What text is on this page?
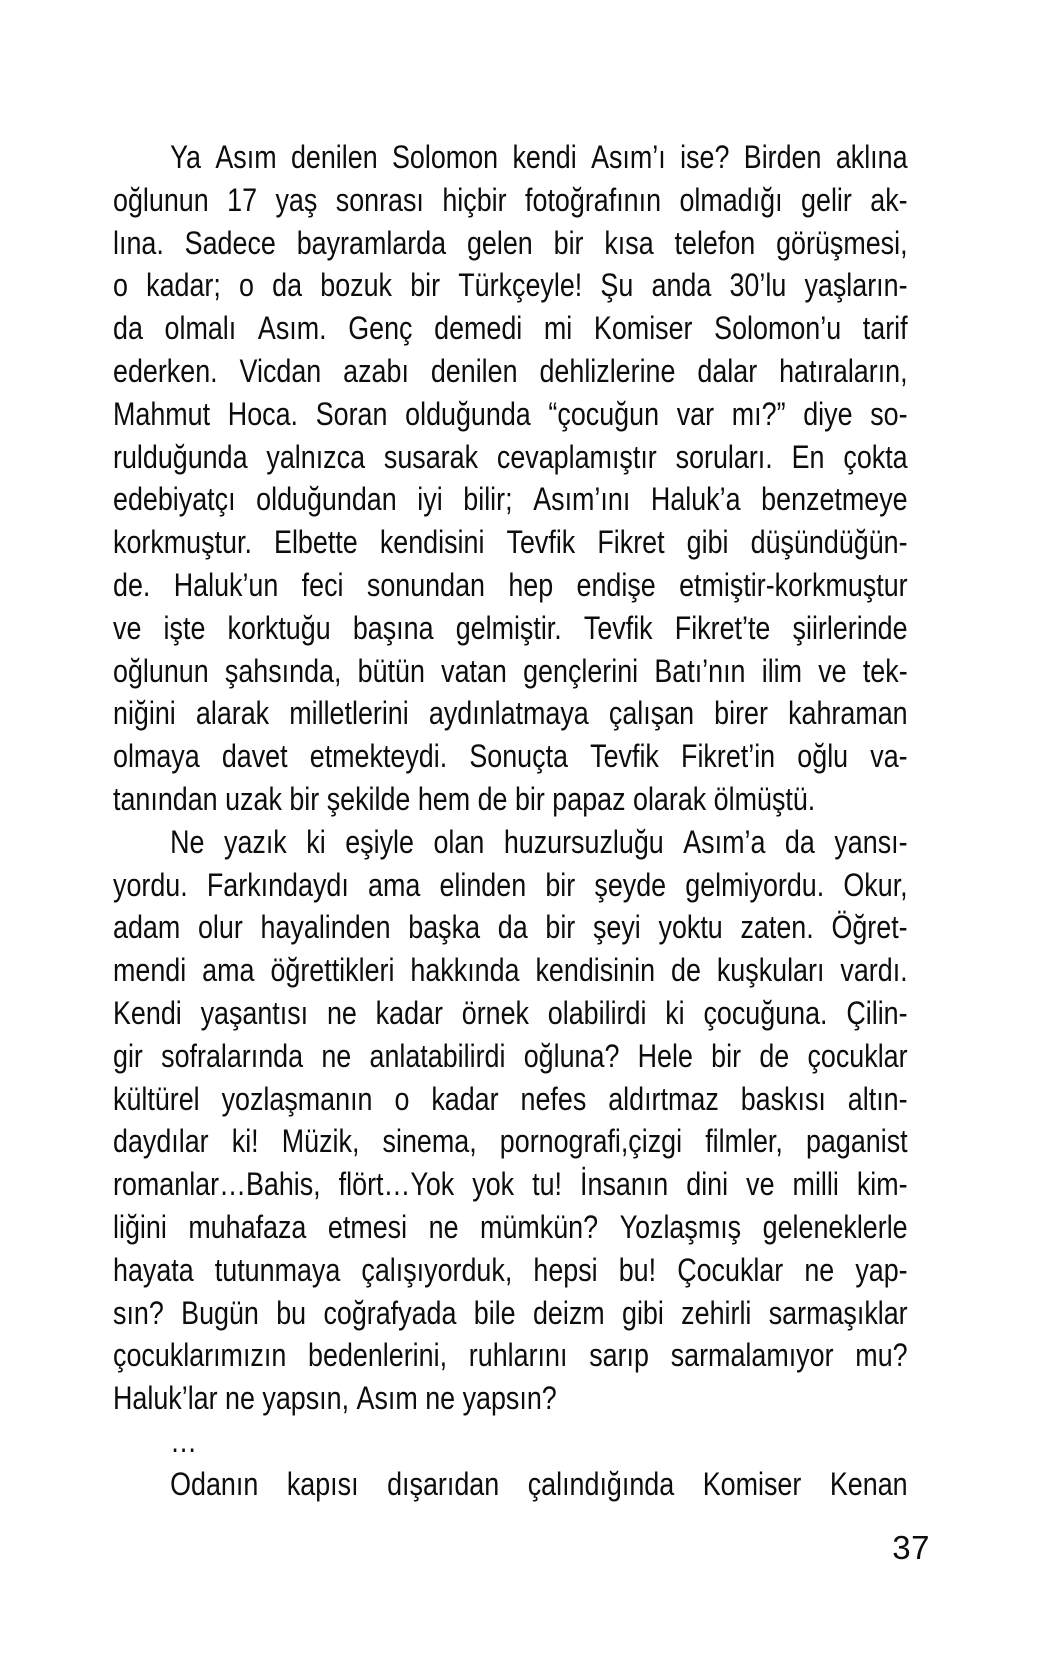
Ya Asım denilen Solomon kendi Asım’ı ise? Birden aklına
oğlunun 17 yaş sonrası hiçbir fotoğrafının olmadığı gelir ak-
lına. Sadece bayramlarda gelen bir kısa telefon görüşmesi,
o kadar; o da bozuk bir Türkçeyle! Şu anda 30’lu yaşların-
da olmalı Asım. Genç demedi mi Komiser Solomon’u tarif
ederken. Vicdan azabı denilen dehlizlerine dalar hatıraların,
Mahmut Hoca. Soran olduğunda “çocuğun var mı?” diye so-
rulduğunda yalnızca susarak cevaplamıştır soruları. En çokta
edebiyatçı olduğundan iyi bilir; Asım’ını Haluk’a benzetmeye
korkmuştur. Elbette kendisini Tevfik Fikret gibi düşündüğün-
de. Haluk’un feci sonundan hep endişe etmiştir-korkmuştur
ve işte korktuğu başına gelmiştir. Tevfik Fikret’te şiirlerinde
oğlunun şahsında, bütün vatan gençlerini Batı’nın ilim ve tek-
niğini alarak milletlerini aydınlatmaya çalışan birer kahraman
olmaya davet etmekteydi. Sonuçta Tevfik Fikret’in oğlu va-
tanından uzak bir şekilde hem de bir papaz olarak ölmüştü.
Ne yazık ki eşiyle olan huzursuzluğu Asım’a da yansı-
yordu. Farkındaydı ama elinden bir şeyde gelmiyordu. Okur,
adam olur hayalinden başka da bir şeyi yoktu zaten. Öğret-
mendi ama öğrettikleri hakkında kendisinin de kuşkuları vardı.
Kendi yaşantısı ne kadar örnek olabilirdi ki çocuğuna. Çilin-
gir sofralarında ne anlatabilirdi oğluna? Hele bir de çocuklar
kültürel yozlaşmanın o kadar nefes aldırtmaz baskısı altın-
daydılar ki! Müzik, sinema, pornografi,çizgi filmler, paganist
romanlar…Bahis, flört…Yok yok tu! İnsanın dini ve milli kim-
liğini muhafaza etmesi ne mümkün? Yozlaşmış geleneklerle
hayata tutunmaya çalışıyorduk, hepsi bu! Çocuklar ne yap-
sın? Bugün bu coğrafyada bile deizm gibi zehirli sarmaşıklar
çocuklarımızın bedenlerini, ruhlarını sarıp sarmalamıyor mu?
Haluk’lar ne yapsın, Asım ne yapsın?
…
Odanın kapısı dışarıdan çalındığında Komiser Kenan
37
